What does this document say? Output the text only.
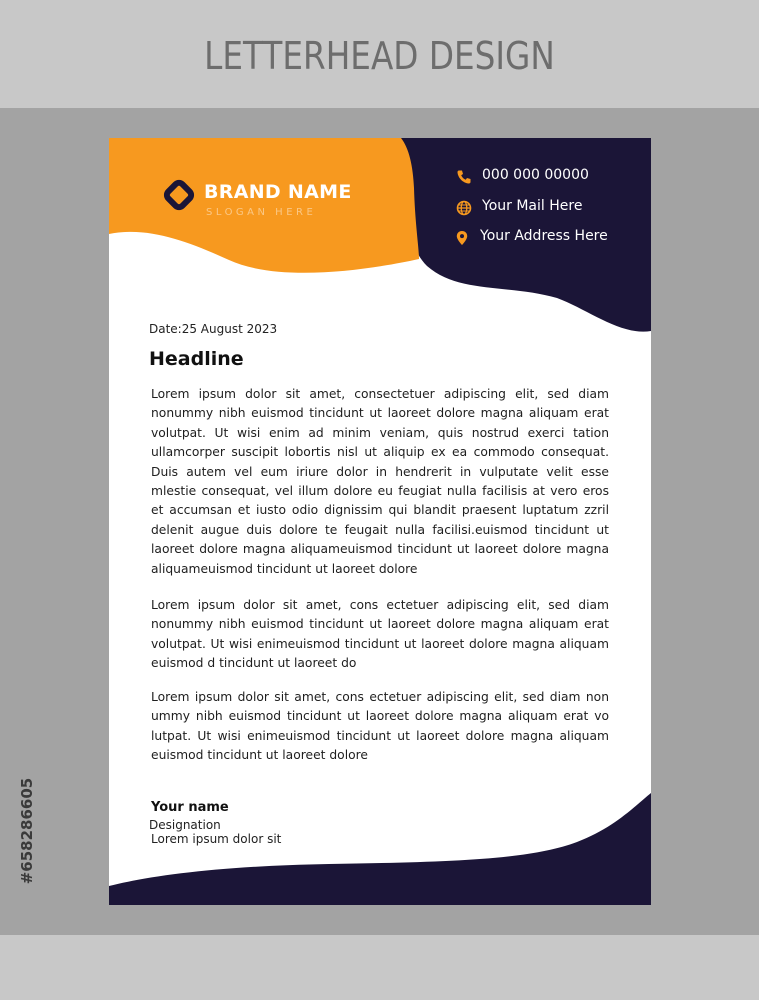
LETTERHEAD DESIGN
#658286605
BRAND NAME
SLOGAN HERE
000 000 00000
Your Mail Here
Your Address Here
Date:25 August 2023
Headline

Lorem ipsum dolor sit amet, consectetuer adipiscing elit, sed diam nonummy nibh euismod tincidunt ut laoreet dolore magna aliquam erat volutpat. Ut wisi enim ad minim veniam, quis nostrud exerci tation ullamcorper suscipit lobortis nisl ut aliquip ex ea commodo consequat. Duis autem vel eum iriure dolor in hendrerit in vulputate velit esse mlestie consequat, vel illum dolore eu feugiat nulla facilisis at vero eros et accumsan et iusto odio dignissim qui blandit praesent luptatum zzril delenit augue duis dolore te feugait nulla facilisi.euismod tincidunt ut laoreet dolore magna aliquameuismod tincidunt ut laoreet dolore magna aliquameuismod tincidunt ut laoreet dolore

Lorem ipsum dolor sit amet, cons ectetuer adipiscing elit, sed diam nonummy nibh euismod tincidunt ut laoreet dolore magna aliquam erat volutpat. Ut wisi enimeuismod tincidunt ut laoreet dolore magna aliquam euismod d tincidunt ut laoreet do

Lorem ipsum dolor sit amet, cons ectetuer adipiscing elit, sed diam non ummy nibh euismod tincidunt ut laoreet dolore magna aliquam erat vo lutpat. Ut wisi enimeuismod tincidunt ut laoreet dolore magna aliquam euismod tincidunt ut laoreet dolore

Your name
Designation
Lorem ipsum dolor sit
